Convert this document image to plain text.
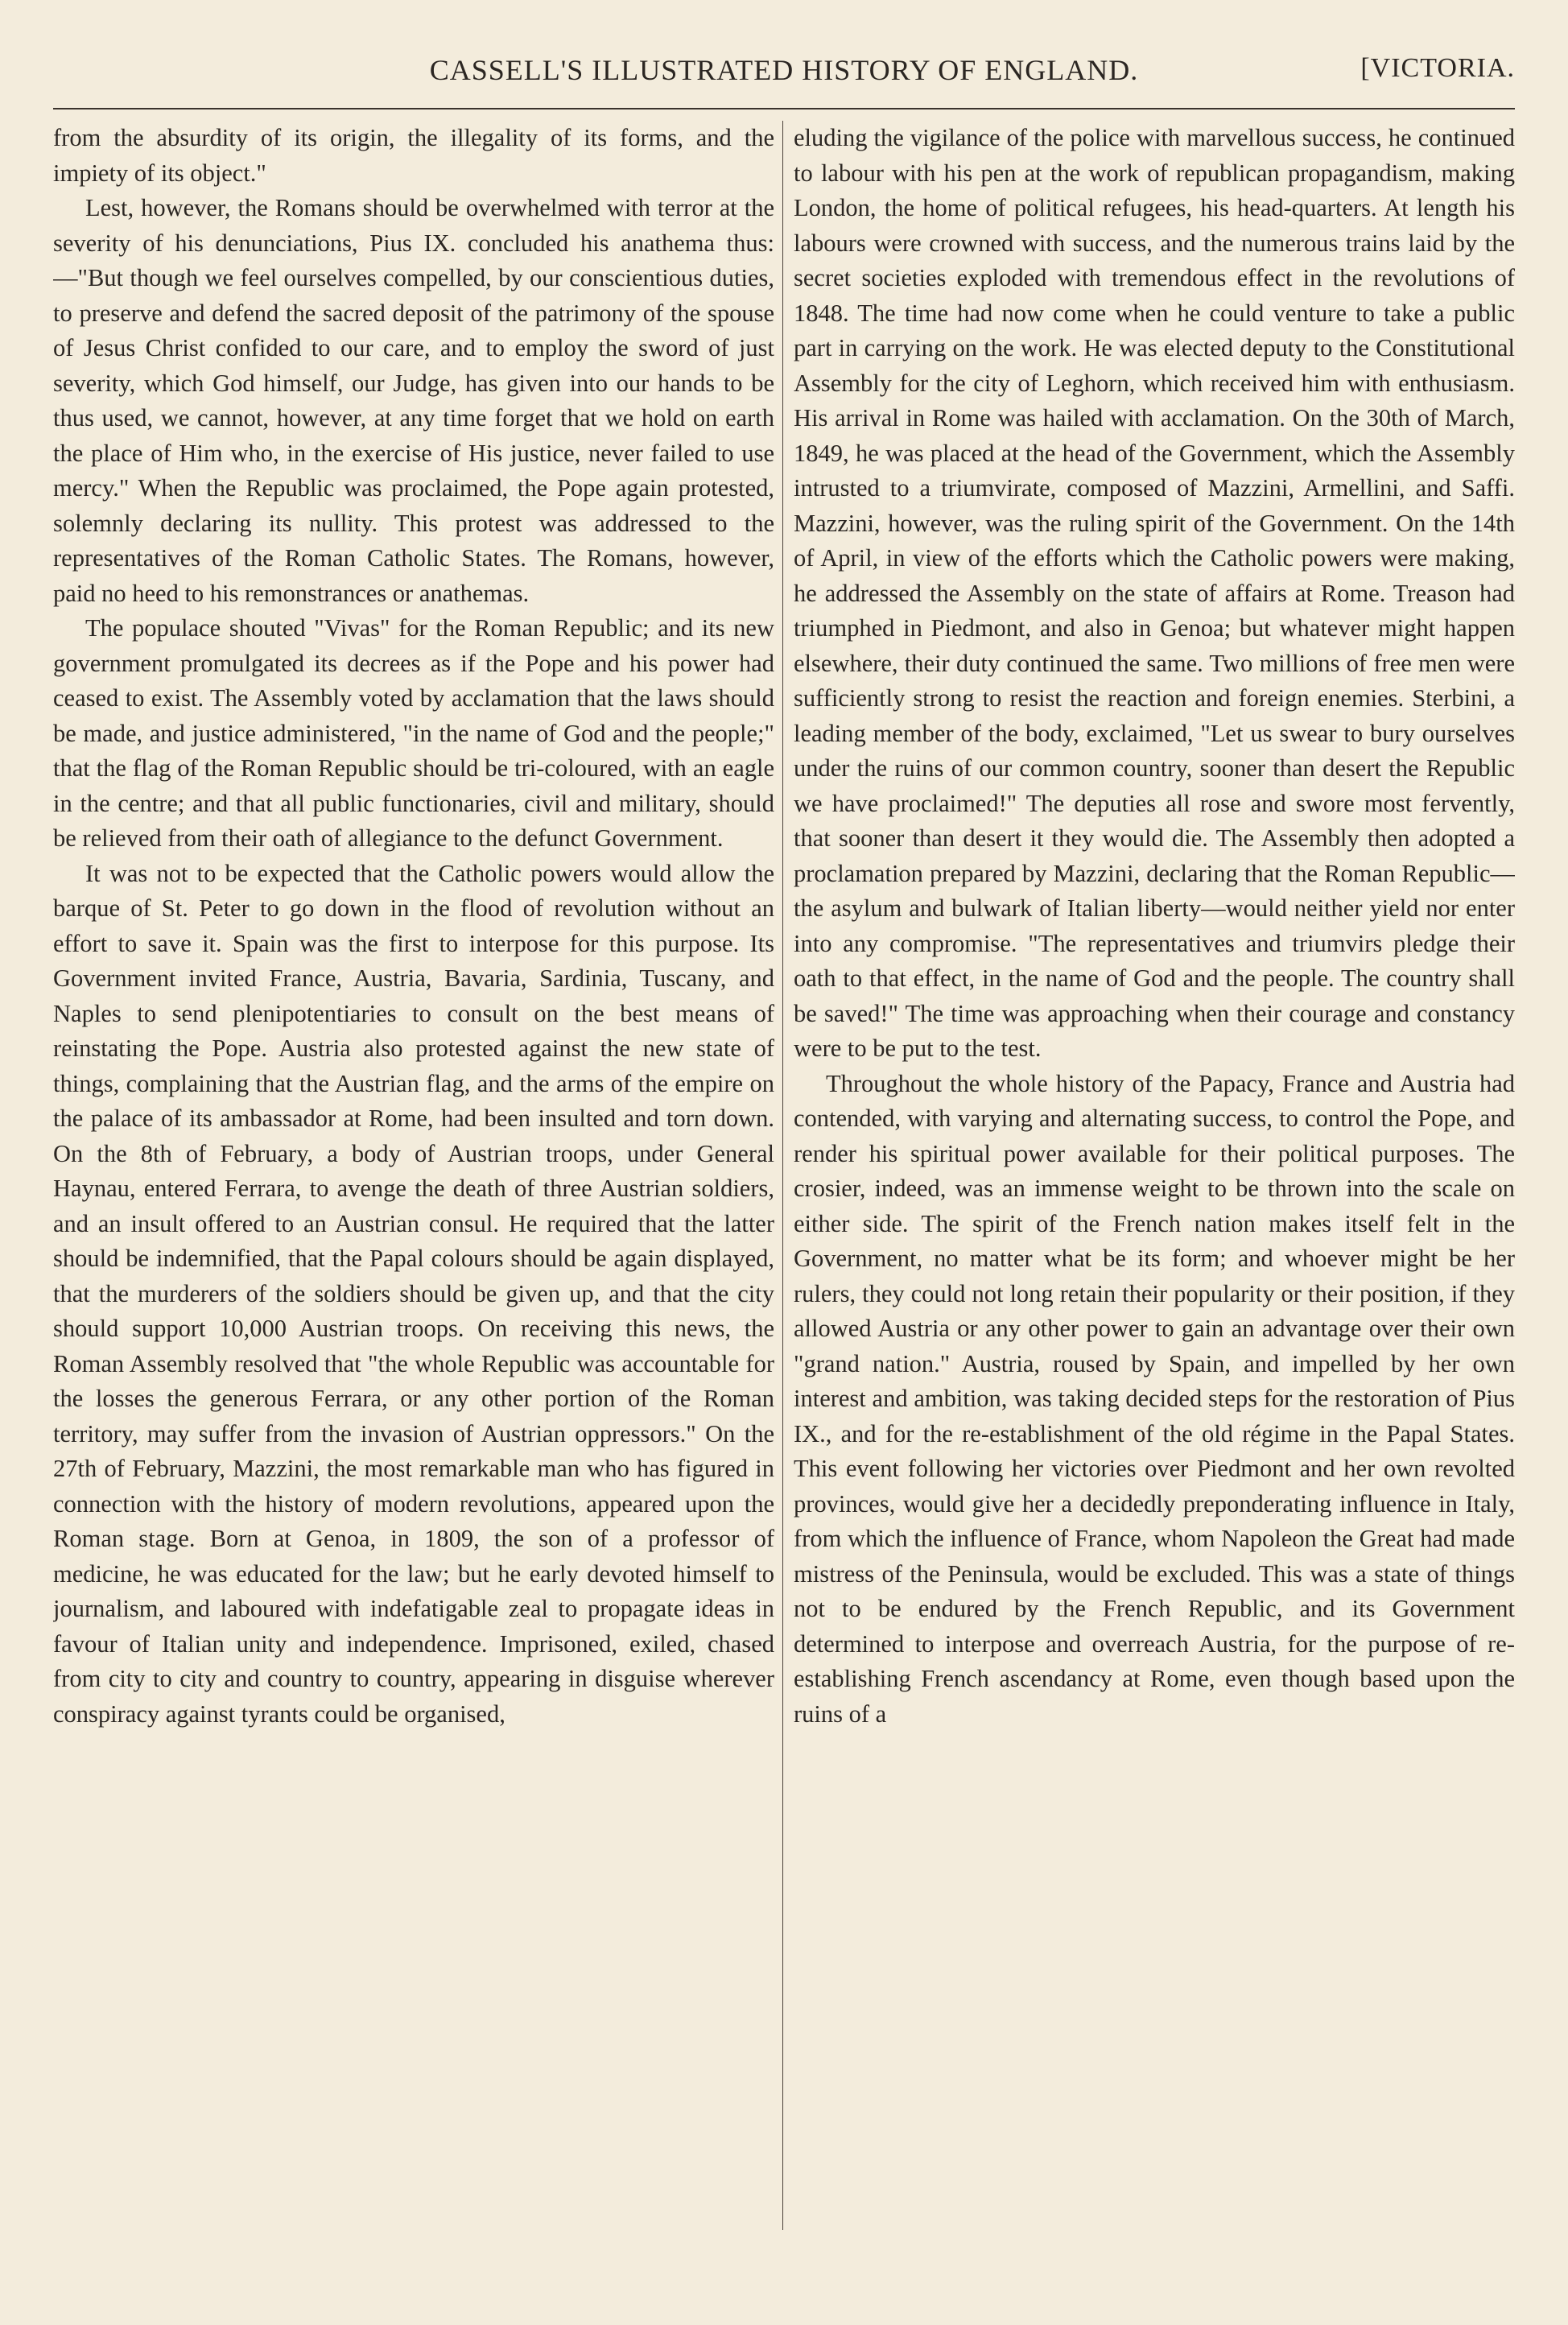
CASSELL'S ILLUSTRATED HISTORY OF ENGLAND.	[VICTORIA.

from the absurdity of its origin, the illegality of its forms, and the impiety of its object."

Lest, however, the Romans should be overwhelmed with terror at the severity of his denunciations, Pius IX. concluded his anathema thus:—"But though we feel ourselves compelled, by our conscientious duties, to preserve and defend the sacred deposit of the patrimony of the spouse of Jesus Christ confided to our care, and to employ the sword of just severity, which God himself, our Judge, has given into our hands to be thus used, we cannot, however, at any time forget that we hold on earth the place of Him who, in the exercise of His justice, never failed to use mercy." When the Republic was proclaimed, the Pope again protested, solemnly declaring its nullity. This protest was addressed to the representatives of the Roman Catholic States. The Romans, however, paid no heed to his remonstrances or anathemas.

The populace shouted "Vivas" for the Roman Republic; and its new government promulgated its decrees as if the Pope and his power had ceased to exist. The Assembly voted by acclamation that the laws should be made, and justice administered, "in the name of God and the people;" that the flag of the Roman Republic should be tri-coloured, with an eagle in the centre; and that all public functionaries, civil and military, should be relieved from their oath of allegiance to the defunct Government.

It was not to be expected that the Catholic powers would allow the barque of St. Peter to go down in the flood of revolution without an effort to save it. Spain was the first to interpose for this purpose. Its Government invited France, Austria, Bavaria, Sardinia, Tuscany, and Naples to send plenipotentiaries to consult on the best means of reinstating the Pope. Austria also protested against the new state of things, complaining that the Austrian flag, and the arms of the empire on the palace of its ambassador at Rome, had been insulted and torn down. On the 8th of February, a body of Austrian troops, under General Haynau, entered Ferrara, to avenge the death of three Austrian soldiers, and an insult offered to an Austrian consul. He required that the latter should be indemnified, that the Papal colours should be again displayed, that the murderers of the soldiers should be given up, and that the city should support 10,000 Austrian troops. On receiving this news, the Roman Assembly resolved that "the whole Republic was accountable for the losses the generous Ferrara, or any other portion of the Roman territory, may suffer from the invasion of Austrian oppressors." On the 27th of February, Mazzini, the most remarkable man who has figured in connection with the history of modern revolutions, appeared upon the Roman stage. Born at Genoa, in 1809, the son of a professor of medicine, he was educated for the law; but he early devoted himself to journalism, and laboured with indefatigable zeal to propagate ideas in favour of Italian unity and independence. Imprisoned, exiled, chased from city to city and country to country, appearing in disguise wherever conspiracy against tyrants could be organised,

eluding the vigilance of the police with marvellous success, he continued to labour with his pen at the work of republican propagandism, making London, the home of political refugees, his head-quarters. At length his labours were crowned with success, and the numerous trains laid by the secret societies exploded with tremendous effect in the revolutions of 1848. The time had now come when he could venture to take a public part in carrying on the work. He was elected deputy to the Constitutional Assembly for the city of Leghorn, which received him with enthusiasm. His arrival in Rome was hailed with acclamation. On the 30th of March, 1849, he was placed at the head of the Government, which the Assembly intrusted to a triumvirate, composed of Mazzini, Armellini, and Saffi. Mazzini, however, was the ruling spirit of the Government. On the 14th of April, in view of the efforts which the Catholic powers were making, he addressed the Assembly on the state of affairs at Rome. Treason had triumphed in Piedmont, and also in Genoa; but whatever might happen elsewhere, their duty continued the same. Two millions of free men were sufficiently strong to resist the reaction and foreign enemies. Sterbini, a leading member of the body, exclaimed, "Let us swear to bury ourselves under the ruins of our common country, sooner than desert the Republic we have proclaimed!" The deputies all rose and swore most fervently, that sooner than desert it they would die. The Assembly then adopted a proclamation prepared by Mazzini, declaring that the Roman Republic—the asylum and bulwark of Italian liberty—would neither yield nor enter into any compromise. "The representatives and triumvirs pledge their oath to that effect, in the name of God and the people. The country shall be saved!" The time was approaching when their courage and constancy were to be put to the test.

Throughout the whole history of the Papacy, France and Austria had contended, with varying and alternating success, to control the Pope, and render his spiritual power available for their political purposes. The crosier, indeed, was an immense weight to be thrown into the scale on either side. The spirit of the French nation makes itself felt in the Government, no matter what be its form; and whoever might be her rulers, they could not long retain their popularity or their position, if they allowed Austria or any other power to gain an advantage over their own "grand nation." Austria, roused by Spain, and impelled by her own interest and ambition, was taking decided steps for the restoration of Pius IX., and for the re-establishment of the old régime in the Papal States. This event following her victories over Piedmont and her own revolted provinces, would give her a decidedly preponderating influence in Italy, from which the influence of France, whom Napoleon the Great had made mistress of the Peninsula, would be excluded. This was a state of things not to be endured by the French Republic, and its Government determined to interpose and overreach Austria, for the purpose of re-establishing French ascendancy at Rome, even though based upon the ruins of a
